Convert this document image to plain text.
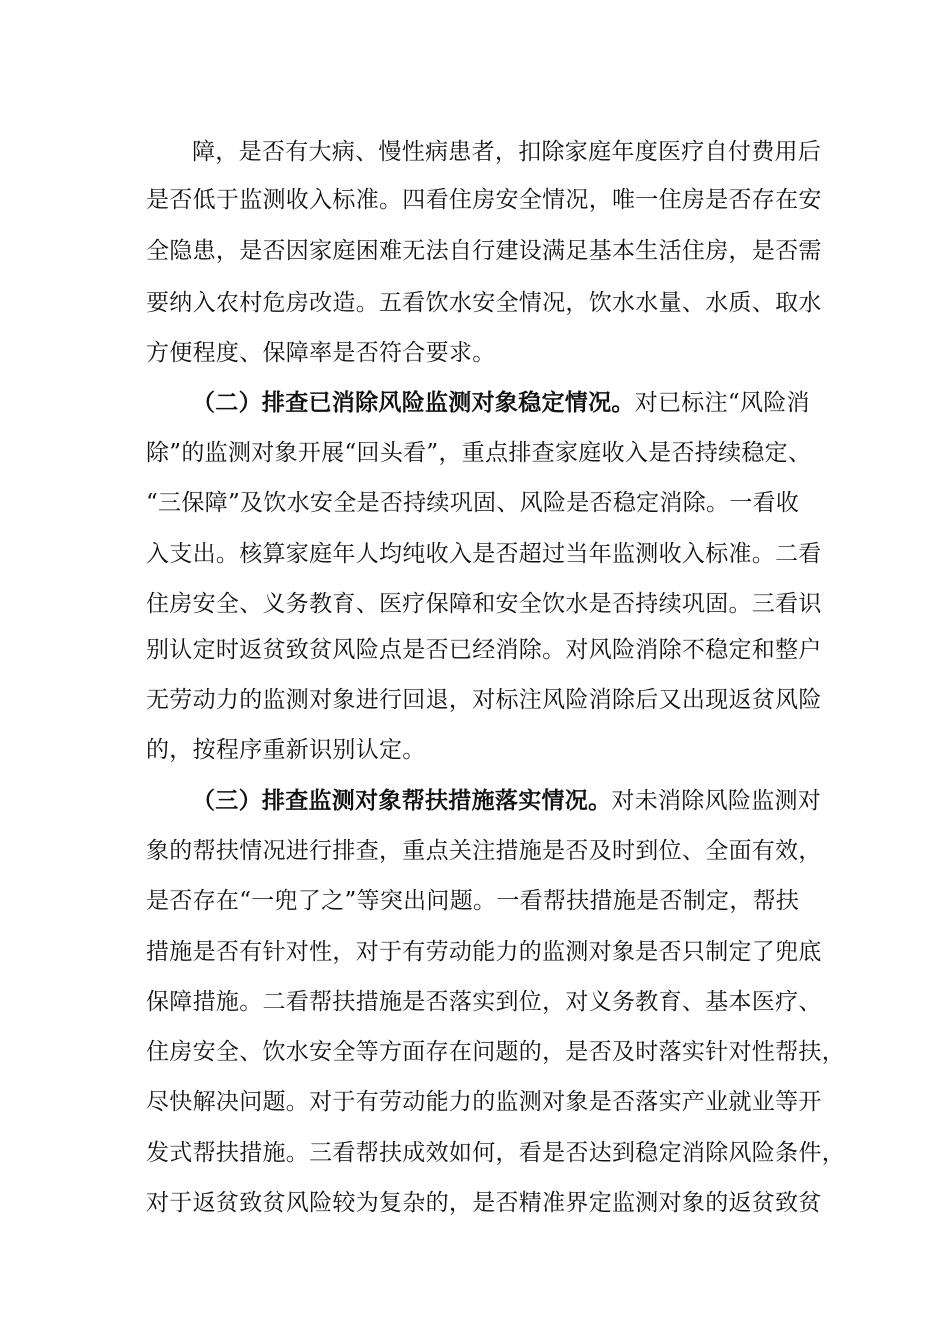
障，是否有大病、慢性病患者，扣除家庭年度医疗自付费用后
是否低于监测收入标准。四看住房安全情况，唯一住房是否存在安
全隐患，是否因家庭困难无法自行建设满足基本生活住房，是否需
要纳入农村危房改造。五看饮水安全情况，饮水水量、水质、取水
方便程度、保障率是否符合要求。
（二）排查已消除风险监测对象稳定情况。对已标注“风险消
除”的监测对象开展“回头看”，重点排查家庭收入是否持续稳定、
“三保障”及饮水安全是否持续巩固、风险是否稳定消除。一看收
入支出。核算家庭年人均纯收入是否超过当年监测收入标准。二看
住房安全、义务教育、医疗保障和安全饮水是否持续巩固。三看识
别认定时返贫致贫风险点是否已经消除。对风险消除不稳定和整户
无劳动力的监测对象进行回退，对标注风险消除后又出现返贫风险
的，按程序重新识别认定。
（三）排查监测对象帮扶措施落实情况。对未消除风险监测对
象的帮扶情况进行排查，重点关注措施是否及时到位、全面有效，
是否存在“一兜了之”等突出问题。一看帮扶措施是否制定，帮扶
措施是否有针对性，对于有劳动能力的监测对象是否只制定了兜底
保障措施。二看帮扶措施是否落实到位，对义务教育、基本医疗、
住房安全、饮水安全等方面存在问题的，是否及时落实针对性帮扶，
尽快解决问题。对于有劳动能力的监测对象是否落实产业就业等开
发式帮扶措施。三看帮扶成效如何，看是否达到稳定消除风险条件，
对于返贫致贫风险较为复杂的，是否精准界定监测对象的返贫致贫
